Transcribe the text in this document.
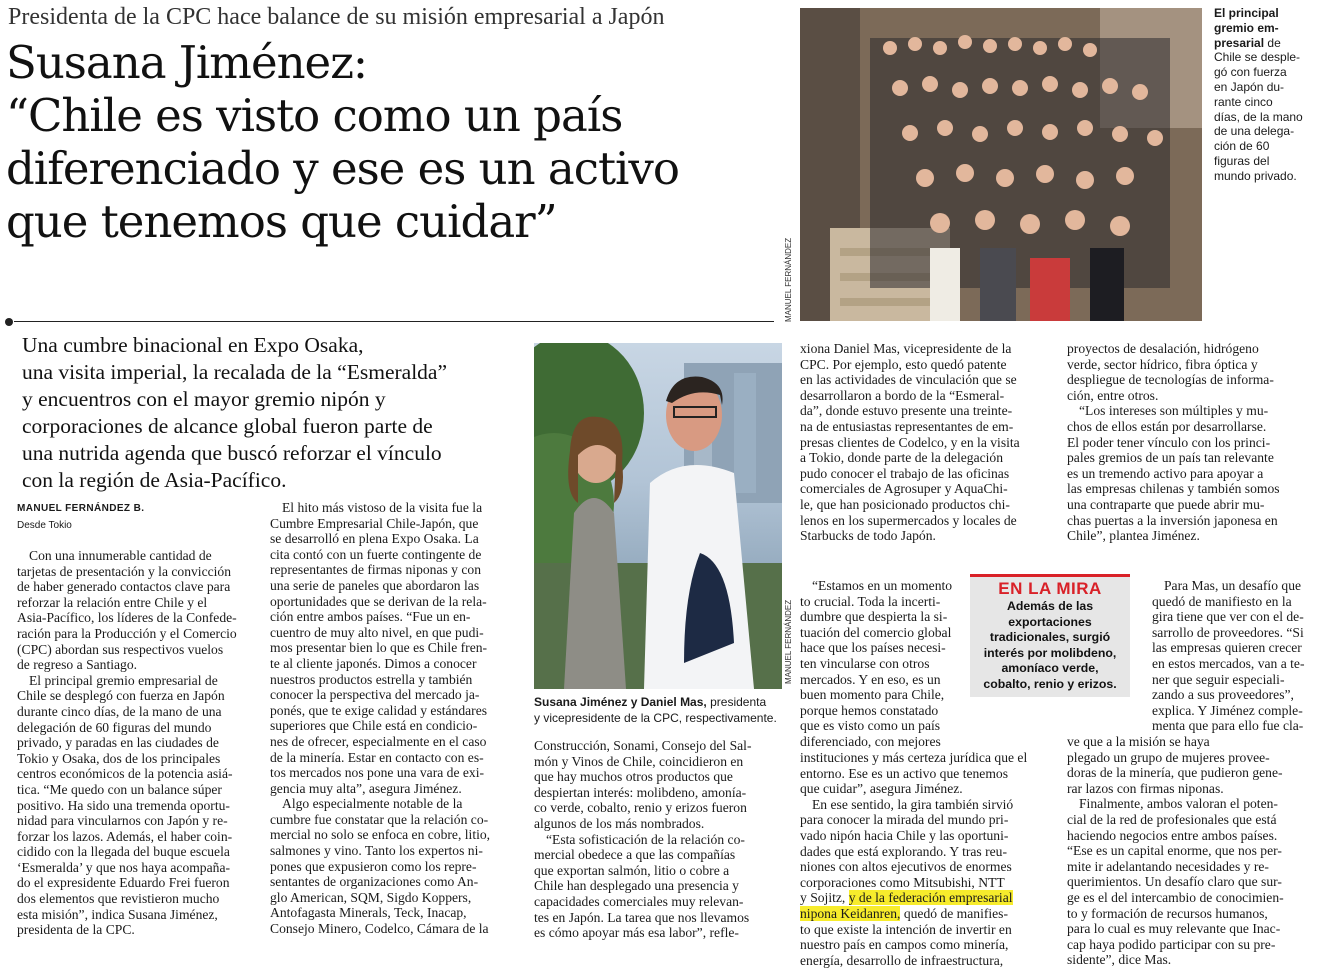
Presidenta de la CPC hace balance de su misión empresarial a Japón
Susana Jiménez:
“Chile es visto como un país
diferenciado y ese es un activo
que tenemos que cuidar”
Una cumbre binacional en Expo Osaka,
una visita imperial, la recalada de la “Esmeralda”
y encuentros con el mayor gremio nipón y
corporaciones de alcance global fueron parte de
una nutrida agenda que buscó reforzar el vínculo
con la región de Asia-Pacífico.
MANUEL FERNÁNDEZ B.
Desde Tokio
Con una innumerable cantidad de
tarjetas de presentación y la convicción
de haber generado contactos clave para
reforzar la relación entre Chile y el
Asia-Pacífico, los líderes de la Confede-
ración para la Producción y el Comercio
(CPC) abordan sus respectivos vuelos
de regreso a Santiago.
El principal gremio empresarial de
Chile se desplegó con fuerza en Japón
durante cinco días, de la mano de una
delegación de 60 figuras del mundo
privado, y paradas en las ciudades de
Tokio y Osaka, dos de los principales
centros económicos de la potencia asiá-
tica. “Me quedo con un balance súper
positivo. Ha sido una tremenda oportu-
nidad para vincularnos con Japón y re-
forzar los lazos. Además, el haber coin-
cidido con la llegada del buque escuela
‘Esmeralda’ y que nos haya acompaña-
do el expresidente Eduardo Frei fueron
dos elementos que revistieron mucho
esta misión”, indica Susana Jiménez,
presidenta de la CPC.
El hito más vistoso de la visita fue la
Cumbre Empresarial Chile-Japón, que
se desarrolló en plena Expo Osaka. La
cita contó con un fuerte contingente de
representantes de firmas niponas y con
una serie de paneles que abordaron las
oportunidades que se derivan de la rela-
ción entre ambos países. “Fue un en-
cuentro de muy alto nivel, en que pudi-
mos presentar bien lo que es Chile fren-
te al cliente japonés. Dimos a conocer
nuestros productos estrella y también
conocer la perspectiva del mercado ja-
ponés, que te exige calidad y estándares
superiores que Chile está en condicio-
nes de ofrecer, especialmente en el caso
de la minería. Estar en contacto con es-
tos mercados nos pone una vara de exi-
gencia muy alta”, asegura Jiménez.
Algo especialmente notable de la
cumbre fue constatar que la relación co-
mercial no solo se enfoca en cobre, litio,
salmones y vino. Tanto los expertos ni-
pones que expusieron como los repre-
sentantes de organizaciones como An-
glo American, SQM, Sigdo Koppers,
Antofagasta Minerals, Teck, Inacap,
Consejo Minero, Codelco, Cámara de la
MANUEL FERNÁNDEZ
Susana Jiménez y Daniel Mas, presidenta
y vicepresidente de la CPC, respectivamente.
Construcción, Sonami, Consejo del Sal-
món y Vinos de Chile, coincidieron en
que hay muchos otros productos que
despiertan interés: molibdeno, amonía-
co verde, cobalto, renio y erizos fueron
algunos de los más nombrados.
“Esta sofisticación de la relación co-
mercial obedece a que las compañías
que exportan salmón, litio o cobre a
Chile han desplegado una presencia y
capacidades comerciales muy relevan-
tes en Japón. La tarea que nos llevamos
es cómo apoyar más esa labor”, refle-
MANUEL FERNÁNDEZ
El principal
gremio em-
presarial de
Chile se desple-
gó con fuerza
en Japón du-
rante cinco
días, de la mano
de una delega-
ción de 60
figuras del
mundo privado.
xiona Daniel Mas, vicepresidente de la
CPC. Por ejemplo, esto quedó patente
en las actividades de vinculación que se
desarrollaron a bordo de la “Esmeral-
da”, donde estuvo presente una treinte-
na de entusiastas representantes de em-
presas clientes de Codelco, y en la visita
a Tokio, donde parte de la delegación
pudo conocer el trabajo de las oficinas
comerciales de Agrosuper y AquaChi-
le, que han posicionado productos chi-
lenos en los supermercados y locales de
Starbucks de todo Japón.
“Estamos en un momento
to crucial. Toda la incerti-
dumbre que despierta la si-
tuación del comercio global
hace que los países necesi-
ten vincularse con otros
mercados. Y en eso, es un
buen momento para Chile,
porque hemos constatado
que es visto como un país
diferenciado, con mejores
EN LA MIRA
Además de las
exportaciones
tradicionales, surgió
interés por molibdeno,
amoníaco verde,
cobalto, renio y erizos.
instituciones y más certeza jurídica que el
entorno. Ese es un activo que tenemos
que cuidar”, asegura Jiménez.
En ese sentido, la gira también sirvió
para conocer la mirada del mundo pri-
vado nipón hacia Chile y las oportuni-
dades que está explorando. Y tras reu-
niones con altos ejecutivos de enormes
corporaciones como Mitsubishi, NTT
y Sojitz, y de la federación empresarial
nipona Keidanren, quedó de manifies-
to que existe la intención de invertir en
nuestro país en campos como minería,
energía, desarrollo de infraestructura,
proyectos de desalación, hidrógeno
verde, sector hídrico, fibra óptica y
despliegue de tecnologías de informa-
ción, entre otros.
“Los intereses son múltiples y mu-
chos de ellos están por desarrollarse.
El poder tener vínculo con los princi-
pales gremios de un país tan relevante
es un tremendo activo para apoyar a
las empresas chilenas y también somos
una contraparte que puede abrir mu-
chas puertas a la inversión japonesa en
Chile”, plantea Jiménez.
Para Mas, un desafío que
quedó de manifiesto en la
gira tiene que ver con el de-
sarrollo de proveedores. “Si
las empresas quieren crecer
en estos mercados, van a te-
ner que seguir especiali-
zando a sus proveedores”,
explica. Y Jiménez comple-
menta que para ello fue cla-
ve que a la misión se haya
plegado un grupo de mujeres provee-
doras de la minería, que pudieron gene-
rar lazos con firmas niponas.
Finalmente, ambos valoran el poten-
cial de la red de profesionales que está
haciendo negocios entre ambos países.
“Ese es un capital enorme, que nos per-
mite ir adelantando necesidades y re-
querimientos. Un desafío claro que sur-
ge es el del intercambio de conocimien-
to y formación de recursos humanos,
para lo cual es muy relevante que Inac-
cap haya podido participar con su pre-
sidente”, dice Mas.
